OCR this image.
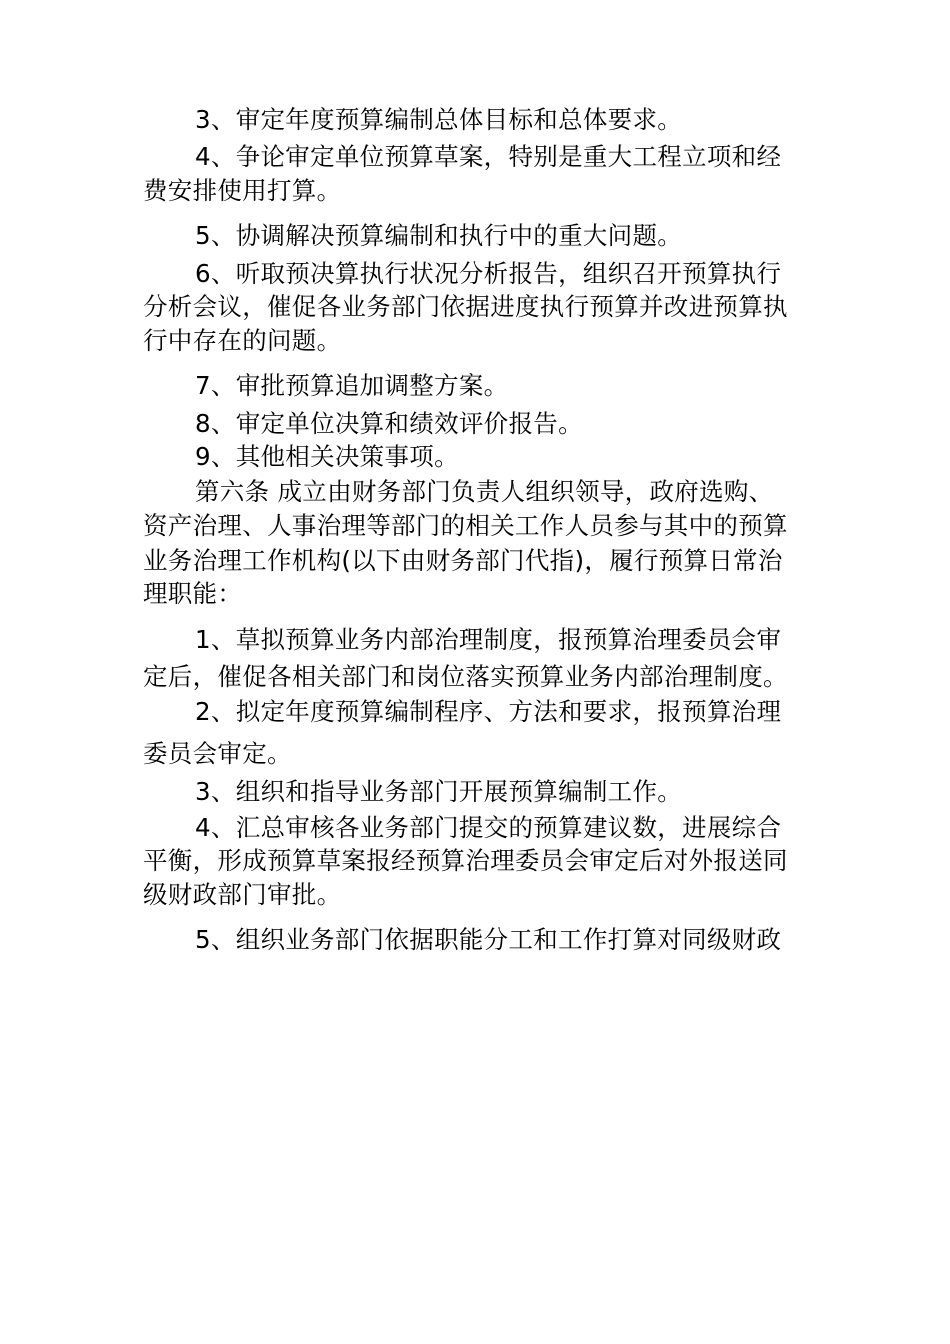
3、审定年度预算编制总体目标和总体要求。
4、争论审定单位预算草案，特别是重大工程立项和经
费安排使用打算。
5、协调解决预算编制和执行中的重大问题。
6、听取预决算执行状况分析报告，组织召开预算执行
分析会议，催促各业务部门依据进度执行预算并改进预算执
行中存在的问题。
7、审批预算追加调整方案。
8、审定单位决算和绩效评价报告。
9、其他相关决策事项。
第六条 成立由财务部门负责人组织领导，政府选购、
资产治理、人事治理等部门的相关工作人员参与其中的预算
业务治理工作机构(以下由财务部门代指)，履行预算日常治
理职能：
1、草拟预算业务内部治理制度，报预算治理委员会审
定后，催促各相关部门和岗位落实预算业务内部治理制度。
2、拟定年度预算编制程序、方法和要求，报预算治理
委员会审定。
3、组织和指导业务部门开展预算编制工作。
4、汇总审核各业务部门提交的预算建议数，进展综合
平衡，形成预算草案报经预算治理委员会审定后对外报送同
级财政部门审批。
5、组织业务部门依据职能分工和工作打算对同级财政
